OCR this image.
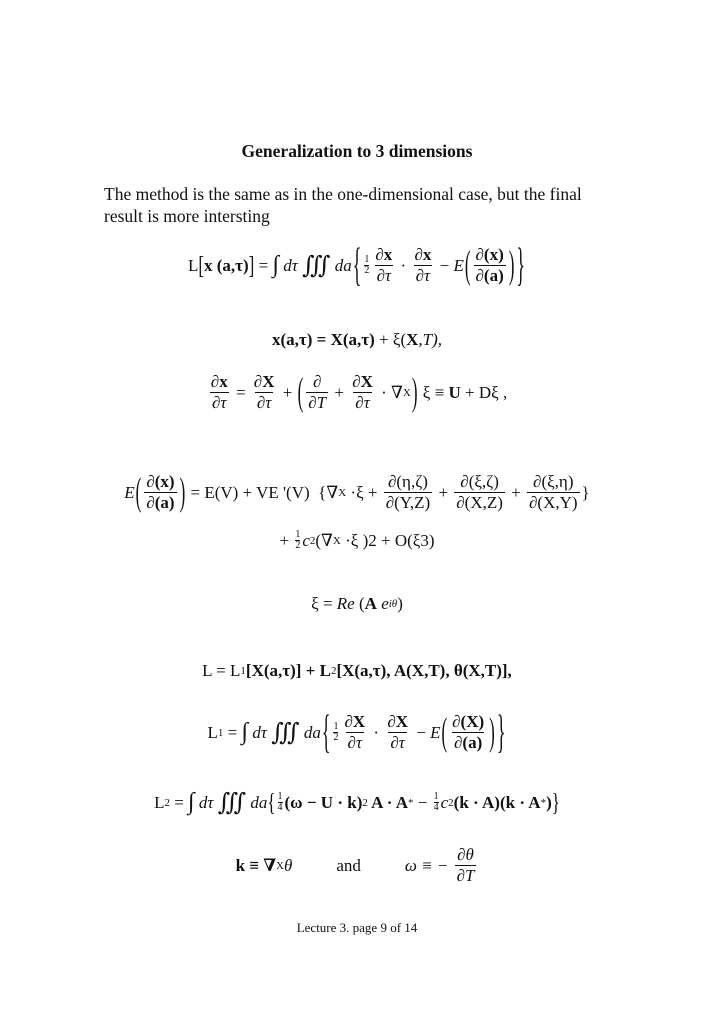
Generalization to 3 dimensions
The method is the same as in the one-dimensional case, but the final result is more intersting
L [ x (a,τ) ] = ∫ dτ ∭ da { 1
$2 \frac{\partial x}{\partial\tau} \cdot \frac{\partial x}{\partial\tau} - E$ ( $\frac{\partial(x)}{\partial(a)}$ ) }
x(a,τ) = X(a,τ) + ξ( X ,T),
$\frac{\partial x}{\partial\tau} = \frac{\partial X}{\partial\tau}$ + ( $\frac{\partial}{\partial T} + \frac{\partial X}{\partial\tau}$ · ∇ X ) ξ ≡ U + Dξ ,
E ( $\frac{\partial(x)}{\partial(a)}$ ) = E(V) + VE '(V)  {∇ $X \cdot\xi + \frac{\partial(\eta,\zeta)}{\partial(Y,Z)} + \frac{\partial(\xi,\zeta)}{\partial(X,Z)} + \frac{\partial(\xi,\eta)}{\partial(X,Y)}$ }
+ $\frac{1}{2}$ c 2 (∇ X ·ξ )2 + O(ξ3)
ξ = Re ( A e iθ )
L = L 1 [X(a,τ)] + L 2 [X(a,τ), A(X,T), θ(X,T)],
L 1 = ∫ dτ ∭ da { 1
$2 \frac{\partial X}{\partial\tau} \cdot \frac{\partial X}{\partial\tau} - E$ ( $\frac{\partial(X)}{\partial(a)}$ ) }
L 2 = ∫ dτ ∭ da { 1
4 (ω − U · k) 2 A · A * − $\frac{1}{4}$ c 2 (k · A)(k · A * ) }
k ≡ ∇ X θ	and	ω ≡ − $\frac{\partial\theta}{\partial T}$
Lecture 3. page 9 of 14
